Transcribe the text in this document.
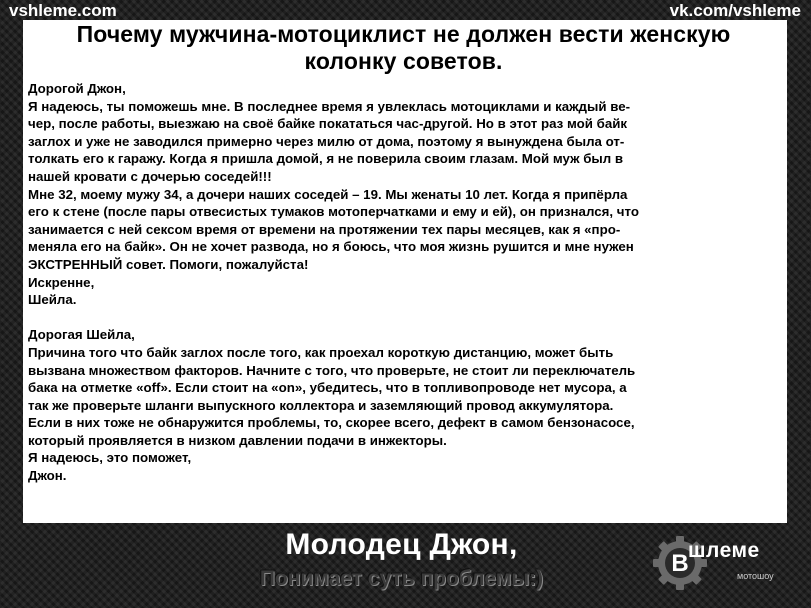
vshleme.com	vk.com/vshleme
Почему мужчина-мотоциклист не должен вести женскую колонку советов.

Дорогой Джон,

Я надеюсь, ты поможешь мне. В последнее время я увлеклась мотоциклами и каждый ве-

чер, после работы, выезжаю на своё байке покататься час-другой. Но в этот раз мой байк

заглох и уже не заводился примерно через милю от дома, поэтому я вынуждена была от-

толкать его к гаражу. Когда я пришла домой, я не поверила своим глазам. Мой муж был в

нашей кровати с дочерью соседей!!!

Мне 32, моему мужу 34, а дочери наших соседей – 19. Мы женаты 10 лет. Когда я припёрла

его к стене (после пары отвесистых тумаков мотоперчатками и ему и ей), он признался, что

занимается с ней сексом время от времени на протяжении тех пары месяцев, как я «про-

меняла его на байк». Он не хочет развода, но я боюсь, что моя жизнь рушится и мне нужен

ЭКСТРЕННЫЙ совет. Помоги, пожалуйста!

Искренне,

Шейла.

Дорогая Шейла,

Причина того что байк заглох после того, как проехал короткую дистанцию, может быть

вызвана множеством факторов. Начните с того, что проверьте, не стоит ли переключатель

бака на отметке «off». Если стоит на «on», убедитесь, что в топливопроводе нет мусора, а

так же проверьте шланги выпускного коллектора и заземляющий провод аккумулятора.

Если в них тоже не обнаружится проблемы, то, скорее всего, дефект в самом бензонасосе,

который проявляется в низком давлении подачи в инжекторы.

Я надеюсь, это поможет,

Джон.

Молодец Джон,
Понимает суть проблемы:)
В шлеме
мотошоу
